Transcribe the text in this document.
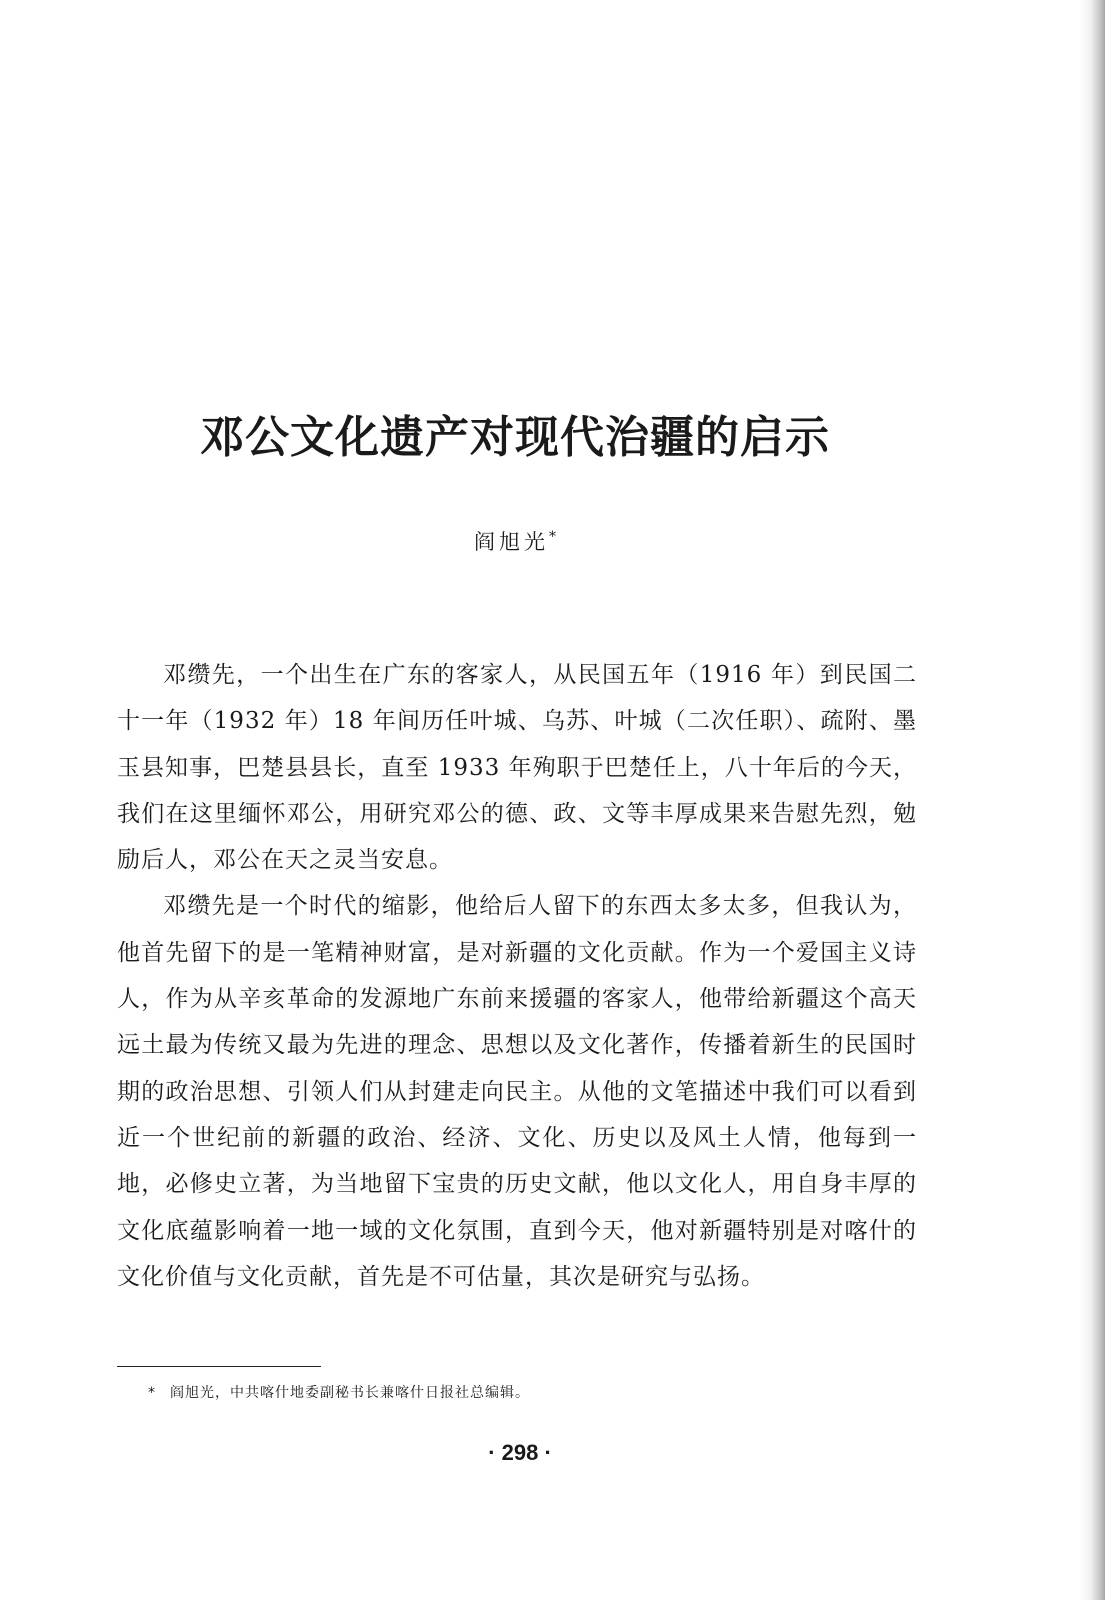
邓公文化遗产对现代治疆的启示
阎旭光*

邓缵先，一个出生在广东的客家人，从民国五年（1916 年）到民国二十一年（1932 年）18 年间历任叶城、乌苏、叶城（二次任职）、疏附、墨玉县知事，巴楚县县长，直至 1933 年殉职于巴楚任上，八十年后的今天，我们在这里缅怀邓公，用研究邓公的德、政、文等丰厚成果来告慰先烈，勉励后人，邓公在天之灵当安息。

邓缵先是一个时代的缩影，他给后人留下的东西太多太多，但我认为，他首先留下的是一笔精神财富，是对新疆的文化贡献。作为一个爱国主义诗人，作为从辛亥革命的发源地广东前来援疆的客家人，他带给新疆这个高天远土最为传统又最为先进的理念、思想以及文化著作，传播着新生的民国时期的政治思想、引领人们从封建走向民主。从他的文笔描述中我们可以看到近一个世纪前的新疆的政治、经济、文化、历史以及风土人情，他每到一地，必修史立著，为当地留下宝贵的历史文献，他以文化人，用自身丰厚的文化底蕴影响着一地一域的文化氛围，直到今天，他对新疆特别是对喀什的文化价值与文化贡献，首先是不可估量，其次是研究与弘扬。

* 阎旭光，中共喀什地委副秘书长兼喀什日报社总编辑。
· 298 ·
